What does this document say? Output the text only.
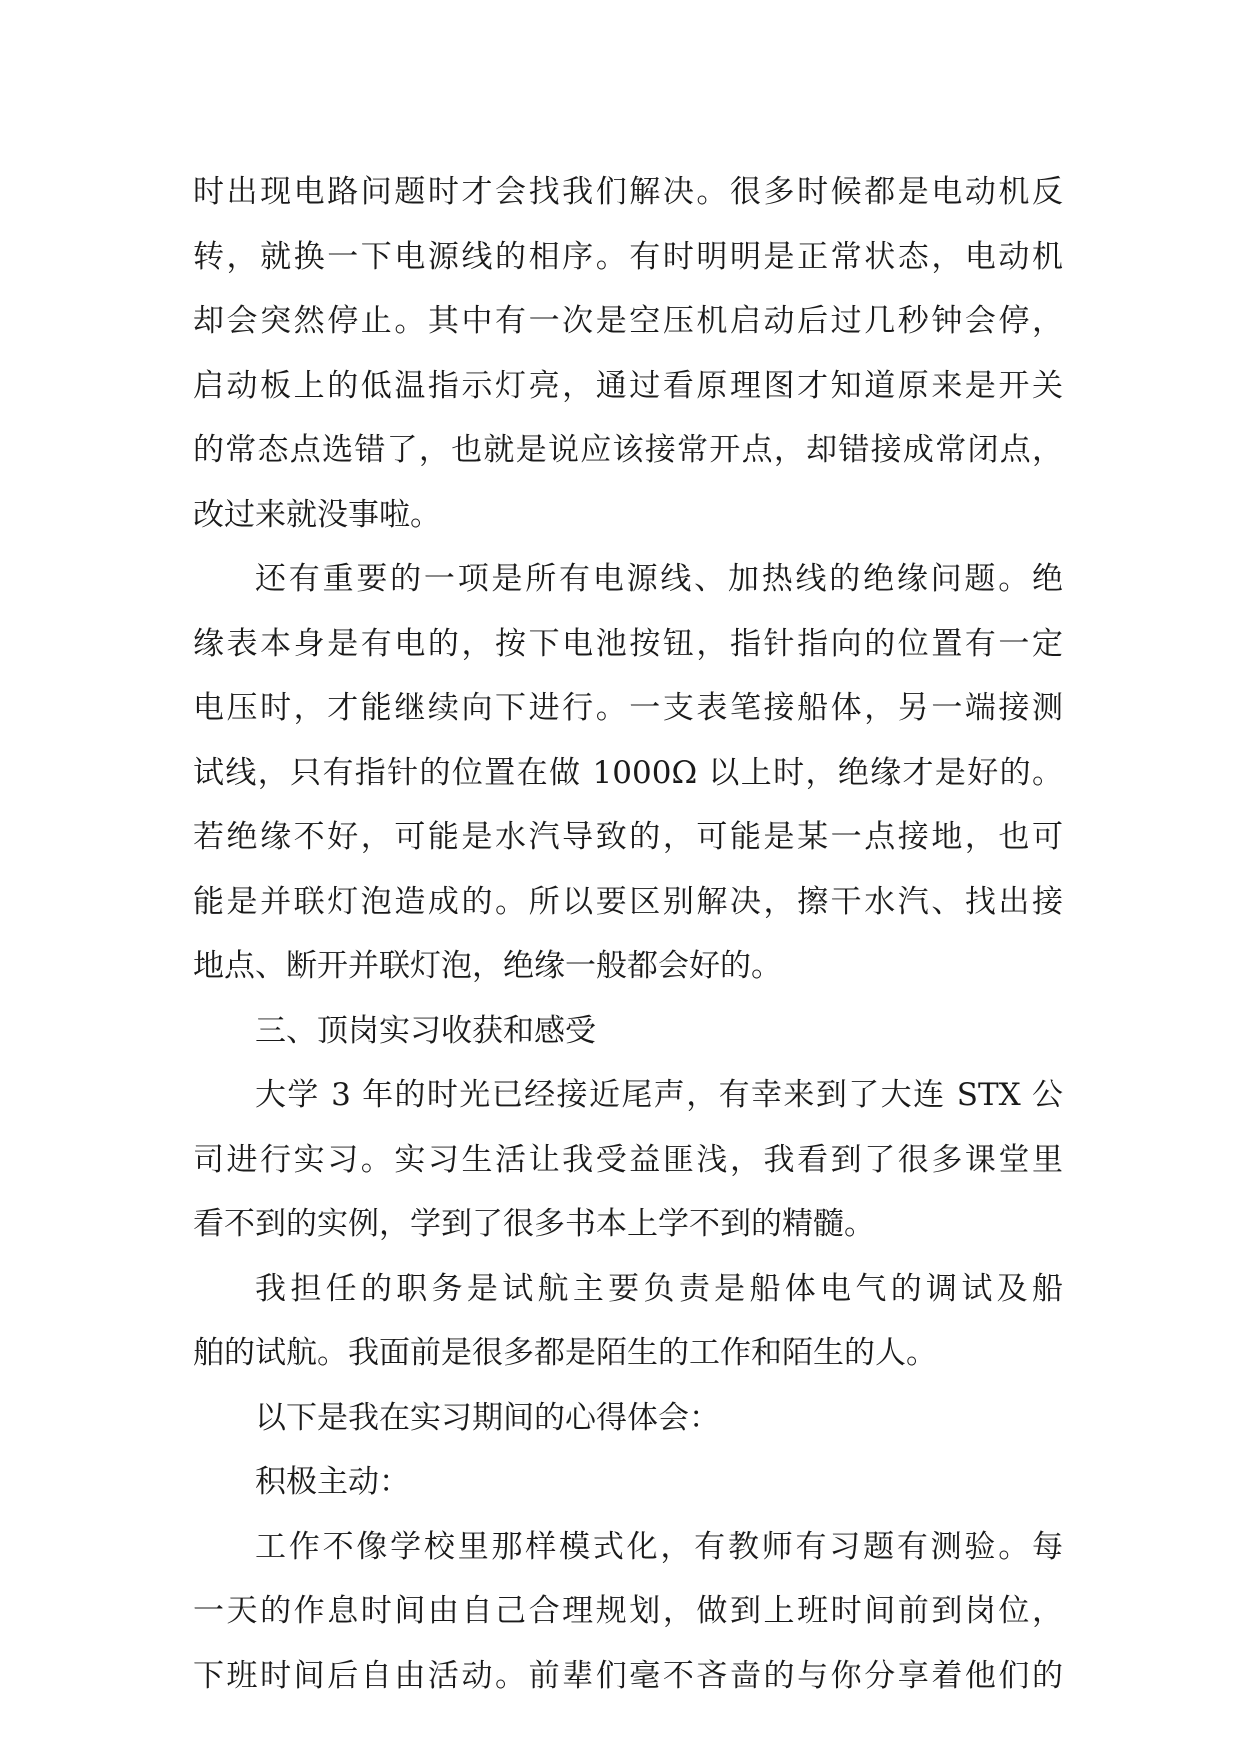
时出现电路问题时才会找我们解决。很多时候都是电动机反
转，就换一下电源线的相序。有时明明是正常状态，电动机
却会突然停止。其中有一次是空压机启动后过几秒钟会停，
启动板上的低温指示灯亮，通过看原理图才知道原来是开关
的常态点选错了，也就是说应该接常开点，却错接成常闭点，
改过来就没事啦。
还有重要的一项是所有电源线、加热线的绝缘问题。绝
缘表本身是有电的，按下电池按钮，指针指向的位置有一定
电压时，才能继续向下进行。一支表笔接船体，另一端接测
试线，只有指针的位置在做 1000Ω 以上时，绝缘才是好的。
若绝缘不好，可能是水汽导致的，可能是某一点接地，也可
能是并联灯泡造成的。所以要区别解决，擦干水汽、找出接
地点、断开并联灯泡，绝缘一般都会好的。
三、顶岗实习收获和感受
大学 3 年的时光已经接近尾声，有幸来到了大连 STX 公
司进行实习。实习生活让我受益匪浅，我看到了很多课堂里
看不到的实例，学到了很多书本上学不到的精髓。
我担任的职务是试航主要负责是船体电气的调试及船
舶的试航。我面前是很多都是陌生的工作和陌生的人。
以下是我在实习期间的心得体会：
积极主动：
工作不像学校里那样模式化，有教师有习题有测验。每
一天的作息时间由自己合理规划，做到上班时间前到岗位，
下班时间后自由活动。前辈们毫不吝啬的与你分享着他们的
